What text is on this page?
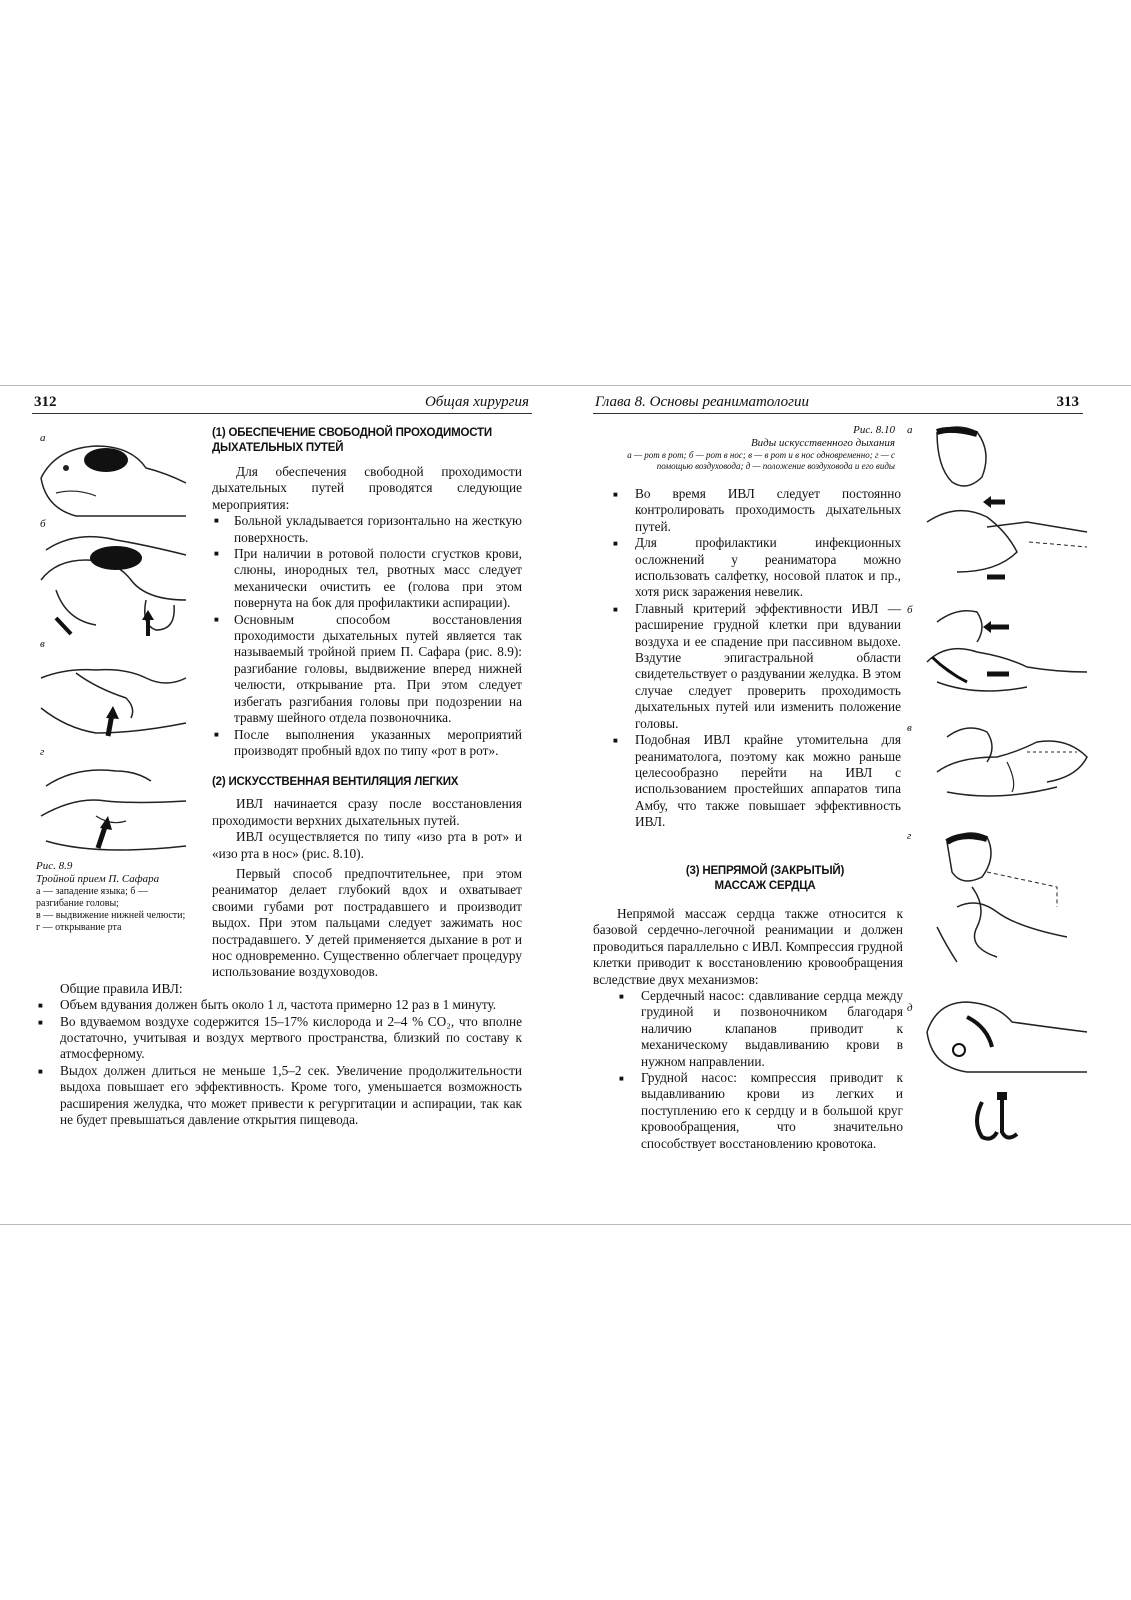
312	Общая хирургия
а
б
в
г
Рис. 8.9
Тройной прием П. Сафара
а — западение языка; б — разгибание головы;
в — выдвижение нижней челюсти;
г — открывание рта

(1) ОБЕСПЕЧЕНИЕ СВОБОДНОЙ ПРОХОДИМОСТИ

ДЫХАТЕЛЬНЫХ ПУТЕЙ

Для обеспечения свободной проходимости дыхательных путей проводятся следующие мероприятия:

■ Больной укладывается горизонтально на жесткую поверхность.

■ При наличии в ротовой полости сгустков крови, слюны, инородных тел, рвотных масс следует механически очистить ее (голова при этом повернута на бок для профилактики аспирации).

■ Основным способом восстановления проходимости дыхательных путей является так называемый тройной прием П. Сафара (рис. 8.9): разгибание головы, выдвижение вперед нижней челюсти, открывание рта. При этом следует избегать разгибания головы при подозрении на травму шейного отдела позвоночника.

■ После выполнения указанных мероприятий производят пробный вдох по типу «рот в рот».

(2) ИСКУССТВЕННАЯ ВЕНТИЛЯЦИЯ ЛЕГКИХ

ИВЛ начинается сразу после восстановления проходимости верхних дыхательных путей.

ИВЛ осуществляется по типу «изо рта в рот» и «изо рта в нос» (рис. 8.10).

Первый способ предпочтительнее, при этом реаниматор делает глубокий вдох и охватывает своими губами рот пострадавшего и производит выдох. При этом пальцами следует зажимать нос пострадавшего. У детей применяется дыхание в рот и нос одновременно. Существенно облегчает процедуру использование воздуховодов.

Общие правила ИВЛ:

■ Объем вдувания должен быть около 1 л, частота примерно 12 раз в 1 минуту.

■ Во вдуваемом воздухе содержится 15–17% кислорода и 2–4 % CO₂, что вполне достаточно, учитывая и воздух мертвого пространства, близкий по составу к атмосферному.

■ Выдох должен длиться не меньше 1,5–2 сек. Увеличение продолжительности выдоха повышает его эффективность. Кроме того, уменьшается возможность расширения желудка, что может привести к регургитации и аспирации, так как не будет превышаться давление открытия пищевода.

Глава 8. Основы реаниматологии	313
Рис. 8.10
Виды искусственного дыхания
а — рот в рот; б — рот в нос; в — в рот и в нос одновременно; г — с помощью воздуховода; д — положение воздуховода и его виды
а
б
в
г
д

■ Во время ИВЛ следует постоянно контролировать проходимость дыхательных путей.

■ Для профилактики инфекционных осложнений у реаниматора можно использовать салфетку, носовой платок и пр., хотя риск заражения невелик.

■ Главный критерий эффективности ИВЛ — расширение грудной клетки при вдувании воздуха и ее спадение при пассивном выдохе. Вздутие эпигастральной области свидетельствует о раздувании желудка. В этом случае следует проверить проходимость дыхательных путей или изменить положение головы.

■ Подобная ИВЛ крайне утомительна для реаниматолога, поэтому как можно раньше целесообразно перейти на ИВЛ с использованием простейших аппаратов типа Амбу, что также повышает эффективность ИВЛ.

(3) НЕПРЯМОЙ (ЗАКРЫТЫЙ)

МАССАЖ СЕРДЦА

Непрямой массаж сердца также относится к базовой сердечно-легочной реанимации и должен проводиться параллельно с ИВЛ. Компрессия грудной клетки приводит к восстановлению кровообращения вследствие двух механизмов:

■ Сердечный насос: сдавливание сердца между грудиной и позвоночником благодаря наличию клапанов приводит к механическому выдавливанию крови в нужном направлении.

■ Грудной насос: компрессия приводит к выдавливанию крови из легких и поступлению его к сердцу и в большой круг кровообращения, что значительно способствует восстановлению кровотока.
